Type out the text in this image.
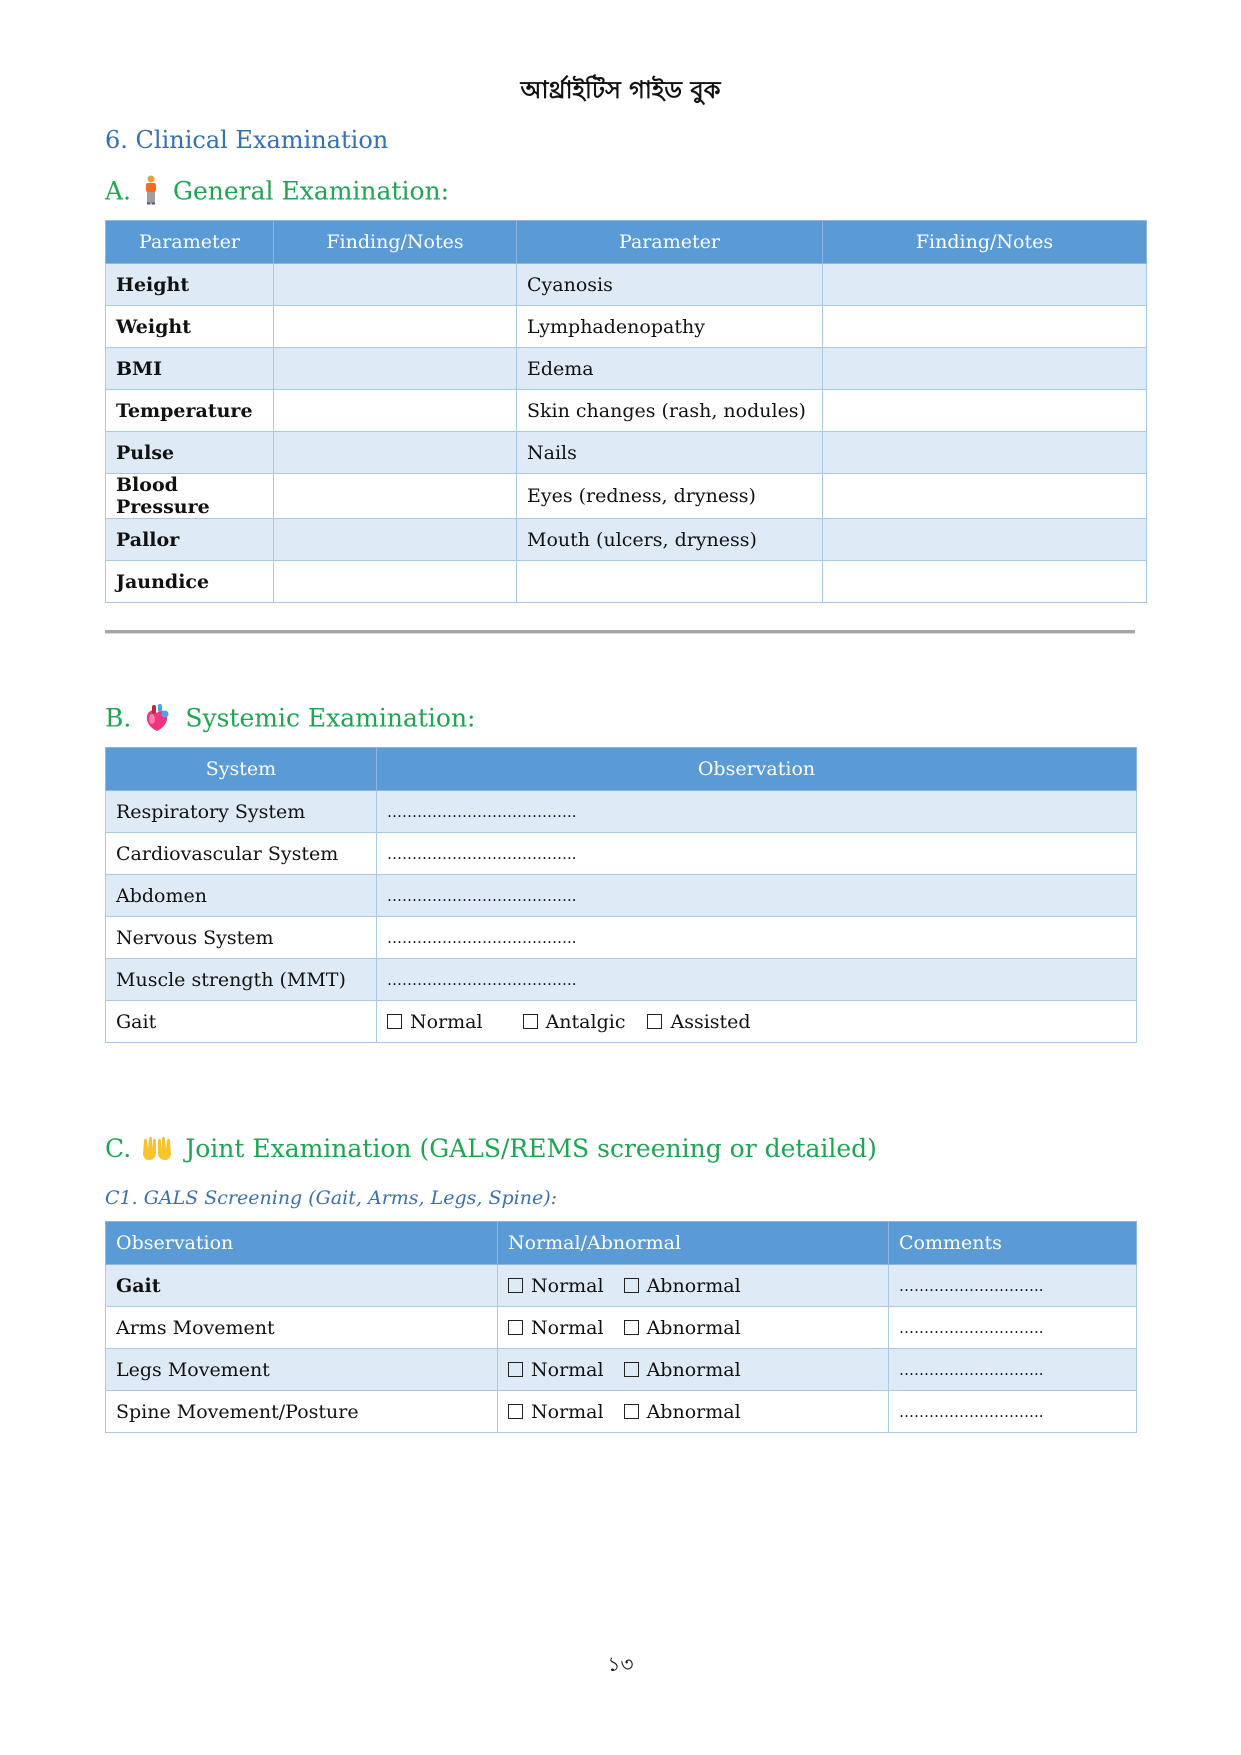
আর্থ্রাইটিস গাইড বুক
6. Clinical Examination
A. General Examination:
Parameter	Finding/Notes	Parameter	Finding/Notes
Height		Cyanosis	
Weight		Lymphadenopathy	
BMI		Edema	
Temperature		Skin changes (rash, nodules)	
Pulse		Nails	
Blood Pressure		Eyes (redness, dryness)	
Pallor		Mouth (ulcers, dryness)	
Jaundice			
B. Systemic Examination:
System	Observation
Respiratory System	………………………………..
Cardiovascular System	………………………………..
Abdomen	………………………………..
Nervous System	………………………………..
Muscle strength (MMT)	………………………………..
Gait	Normal Antalgic Assisted
C. Joint Examination (GALS/REMS screening or detailed)
C1. GALS Screening (Gait, Arms, Legs, Spine):
Observation	Normal/Abnormal	Comments
Gait	Normal Abnormal	………………………..
Arms Movement	Normal Abnormal	………………………..
Legs Movement	Normal Abnormal	………………………..
Spine Movement/Posture	Normal Abnormal	………………………..
১৩
